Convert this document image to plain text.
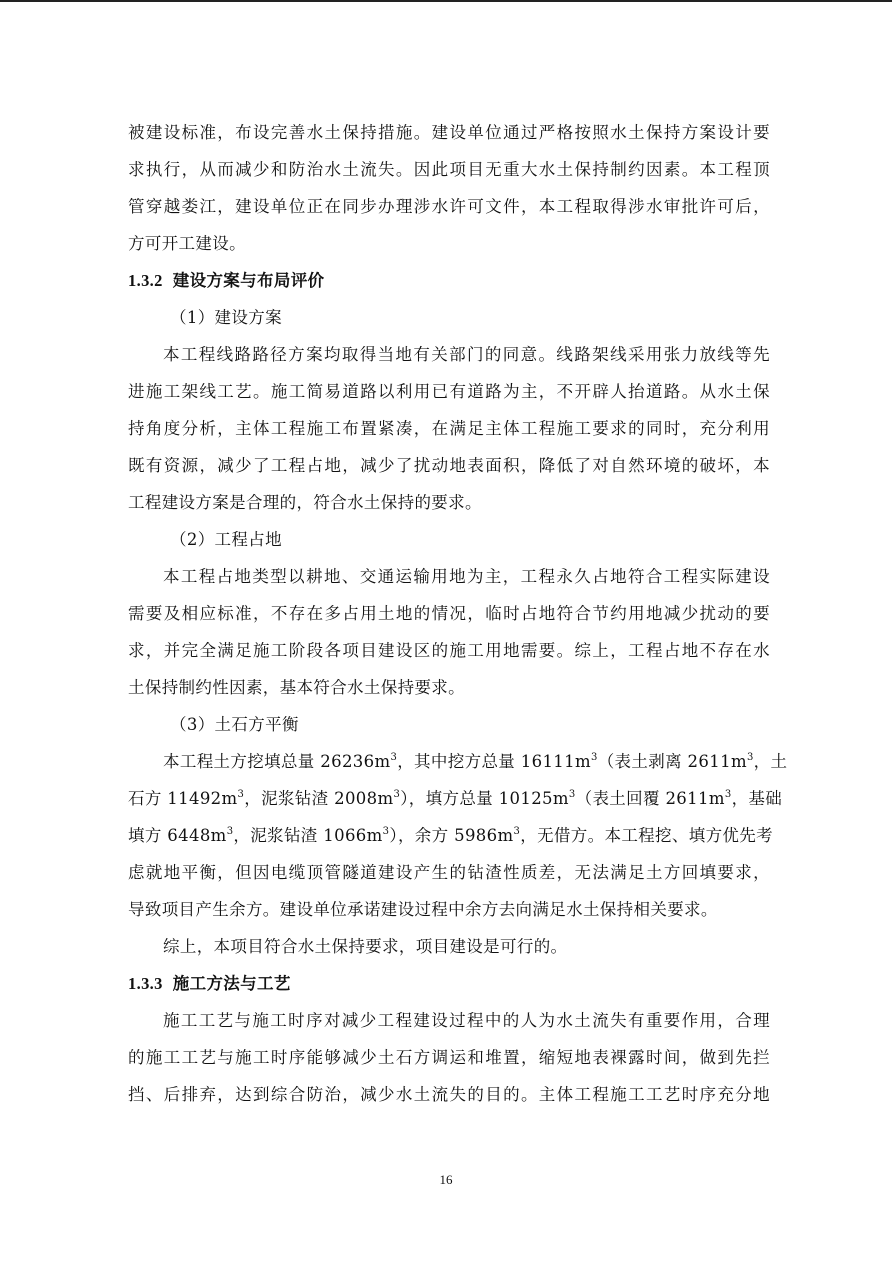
被建设标准，布设完善水土保持措施。建设单位通过严格按照水土保持方案设计要
求执行，从而减少和防治水土流失。因此项目无重大水土保持制约因素。本工程顶
管穿越娄江，建设单位正在同步办理涉水许可文件，本工程取得涉水审批许可后，
方可开工建设。
1.3.2 建设方案与布局评价
（1）建设方案
本工程线路路径方案均取得当地有关部门的同意。线路架线采用张力放线等先
进施工架线工艺。施工简易道路以利用已有道路为主，不开辟人抬道路。从水土保
持角度分析，主体工程施工布置紧凑，在满足主体工程施工要求的同时，充分利用
既有资源，减少了工程占地，减少了扰动地表面积，降低了对自然环境的破坏，本
工程建设方案是合理的，符合水土保持的要求。
（2）工程占地
本工程占地类型以耕地、交通运输用地为主，工程永久占地符合工程实际建设
需要及相应标准，不存在多占用土地的情况，临时占地符合节约用地减少扰动的要
求，并完全满足施工阶段各项目建设区的施工用地需要。综上，工程占地不存在水
土保持制约性因素，基本符合水土保持要求。
（3）土石方平衡
本工程土方挖填总量 $26236m^3$，其中挖方总量 $16111m^3$（表土剥离 $2611m^3$，土
石方 $11492m^3$，泥浆钻渣 $2008m^3$），填方总量 $10125m^3$（表土回覆 $2611m^3$，基础
填方 $6448m^3$，泥浆钻渣 $1066m^3$），余方 $5986m^3$，无借方。本工程挖、填方优先考
虑就地平衡，但因电缆顶管隧道建设产生的钻渣性质差，无法满足土方回填要求，
导致项目产生余方。建设单位承诺建设过程中余方去向满足水土保持相关要求。
综上，本项目符合水土保持要求，项目建设是可行的。
1.3.3 施工方法与工艺
施工工艺与施工时序对减少工程建设过程中的人为水土流失有重要作用，合理
的施工工艺与施工时序能够减少土石方调运和堆置，缩短地表裸露时间，做到先拦
挡、后排弃，达到综合防治，减少水土流失的目的。主体工程施工工艺时序充分地
16
